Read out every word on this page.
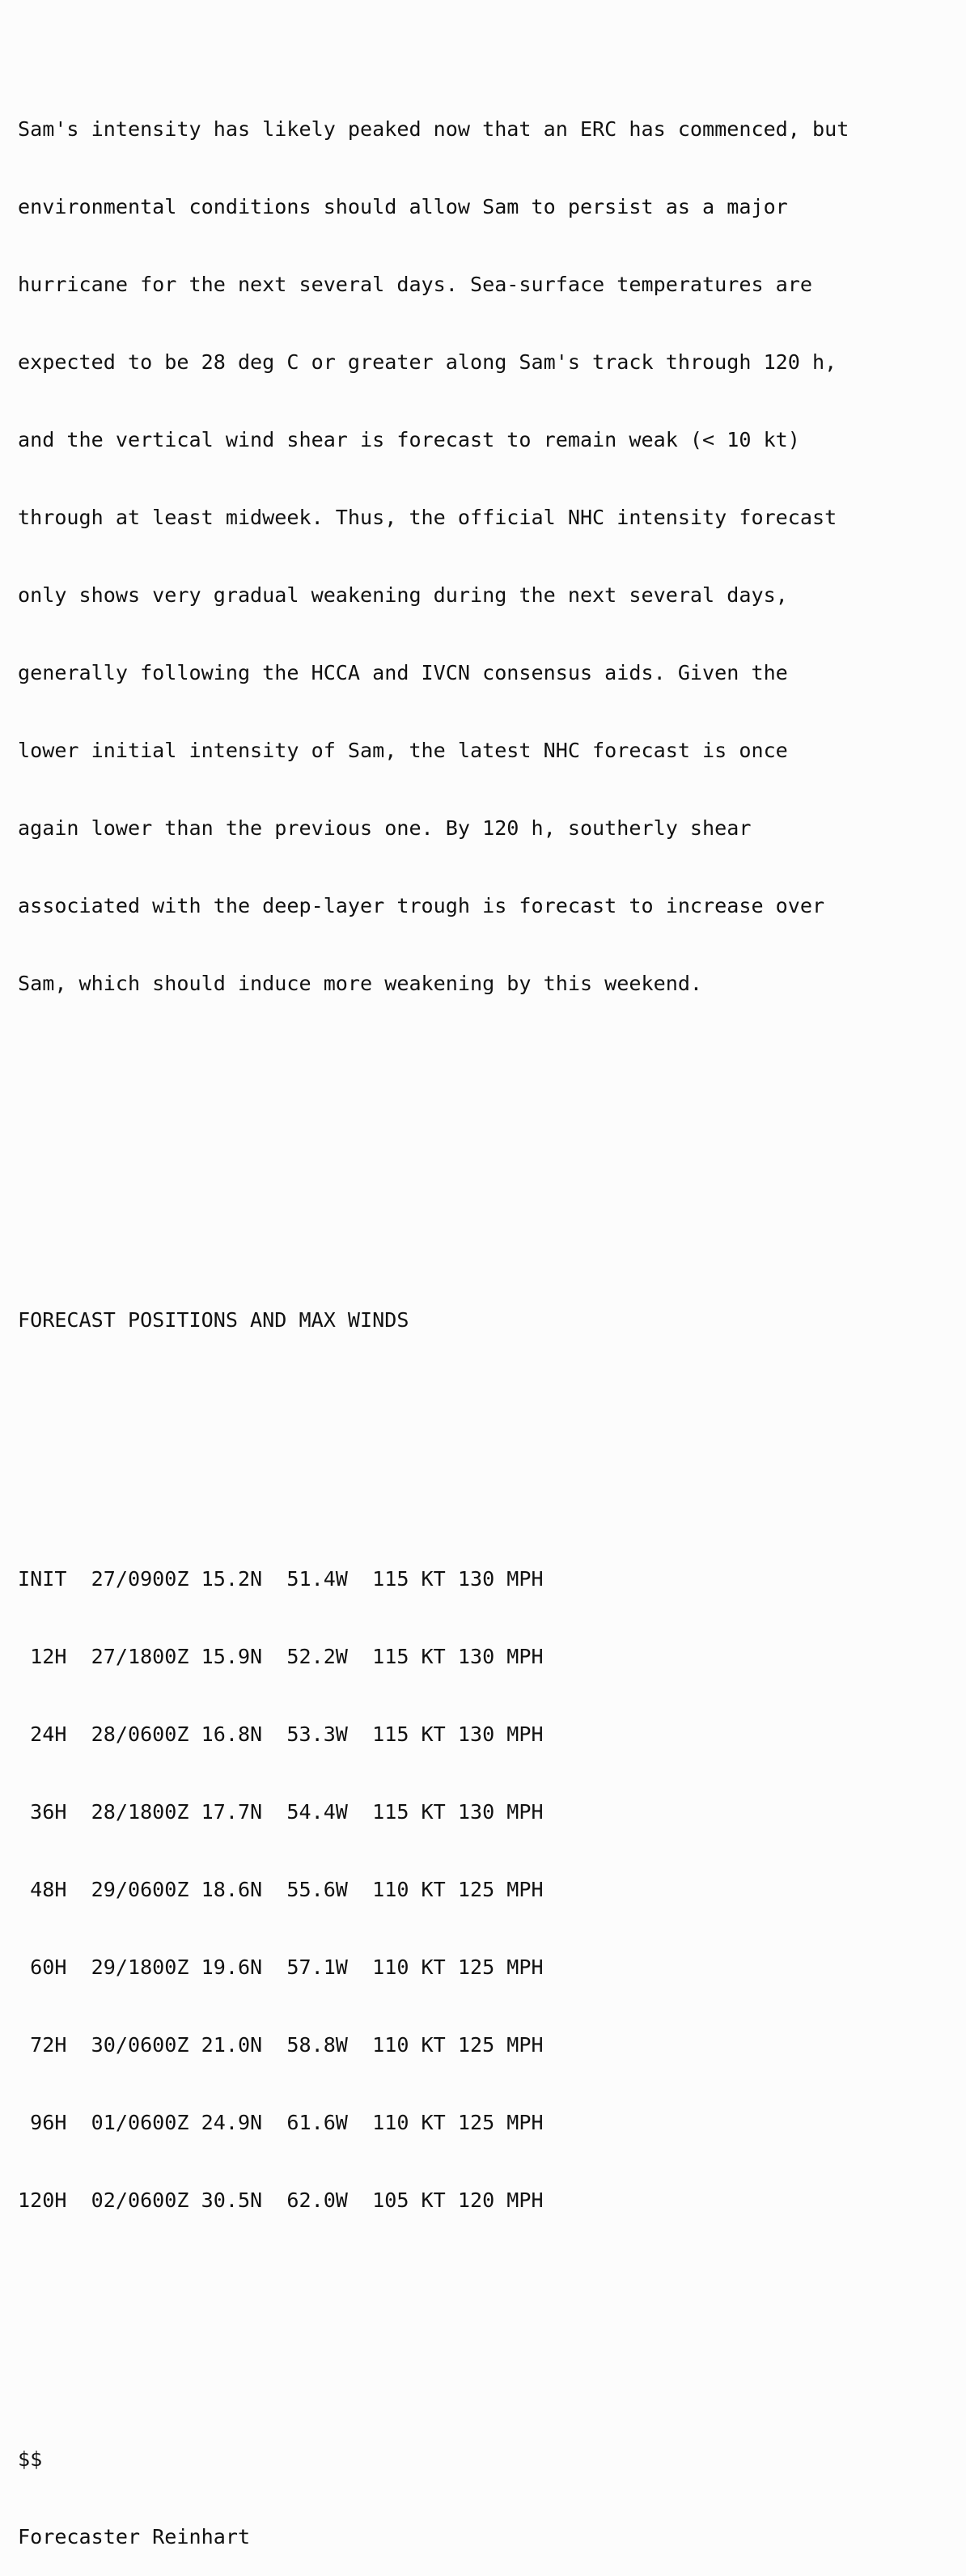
Sam's intensity has likely peaked now that an ERC has commenced, but

environmental conditions should allow Sam to persist as a major

hurricane for the next several days. Sea-surface temperatures are

expected to be 28 deg C or greater along Sam's track through 120 h,

and the vertical wind shear is forecast to remain weak (< 10 kt)

through at least midweek. Thus, the official NHC intensity forecast

only shows very gradual weakening during the next several days,

generally following the HCCA and IVCN consensus aids. Given the

lower initial intensity of Sam, the latest NHC forecast is once

again lower than the previous one. By 120 h, southerly shear

associated with the deep-layer trough is forecast to increase over

Sam, which should induce more weakening by this weekend.

FORECAST POSITIONS AND MAX WINDS

INIT  27/0900Z 15.2N  51.4W  115 KT 130 MPH

12H  27/1800Z 15.9N  52.2W  115 KT 130 MPH

24H  28/0600Z 16.8N  53.3W  115 KT 130 MPH

36H  28/1800Z 17.7N  54.4W  115 KT 130 MPH

48H  29/0600Z 18.6N  55.6W  110 KT 125 MPH

60H  29/1800Z 19.6N  57.1W  110 KT 125 MPH

72H  30/0600Z 21.0N  58.8W  110 KT 125 MPH

96H  01/0600Z 24.9N  61.6W  110 KT 125 MPH

120H  02/0600Z 30.5N  62.0W  105 KT 120 MPH

$$

Forecaster Reinhart
